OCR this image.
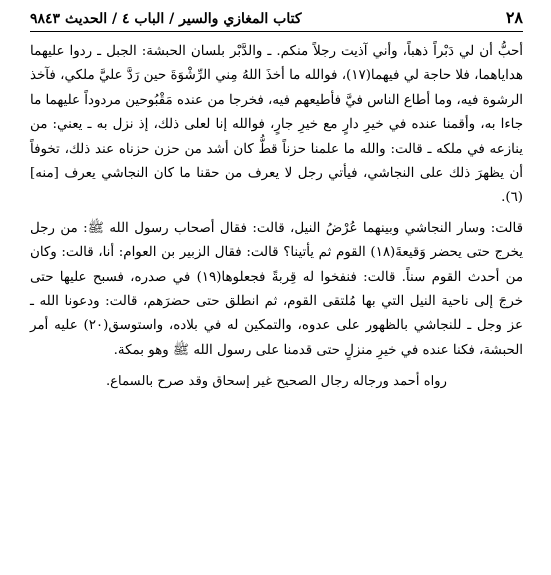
٢٨
كتاب المغازي والسير / الباب ٤ / الحديث ٩٨٤٣

أحبُّ أن لي دَبْراً ذهباً، وأني آذيت رجلاً منكم. ـ والدَّبْر بلسان الحبشة: الجبل ـ ردوا عليهما هداياهما، فلا حاجة لي فيهما(١٧)، فوالله ما أخذَ اللهُ مِني الرِّشْوَةَ حين رَدَّ عليَّ ملكي، فآخذ الرشوة فيه، وما أطاع الناس فيَّ فأطيعهم فيه، فخرجا من عنده مَقْبُوحين مردوداً عليهما ما جاءا به، وأقمنا عنده في خيرِ دارٍ مع خيرِ جارٍ، فوالله إنا لعلى ذلك، إذ نزل به ـ يعني: من ينازعه في ملكه ـ قالت: والله ما علمنا حزناً قطُّ كان أشد من حزن حزناه عند ذلك، تخوفاً أن يظهرَ ذلك على النجاشي، فيأتي رجل لا يعرف من حقنا ما كان النجاشي يعرف [منه](٦).

قالت: وسار النجاشي وبينهما عُرْضُ النيل، قالت: فقال أصحاب رسول الله ﷺ: من رجل يخرج حتى يحضر وَقيعةَ(١٨) القوم ثم يأتينا؟ قالت: فقال الزبير بن العوام: أنا، قالت: وكان من أحدث القوم سناً. قالت: فنفخوا له قِربةً فجعلوها(١٩) في صدره، فسبح عليها حتى خرجَ إلى ناحية النيل التي بها مُلتقى القوم، ثم انطلق حتى حضرَهم، قالت: ودعونا الله ـ عز وجل ـ للنجاشي بالظهور على عدوه، والتمكين له في بلاده، واستوسق(٢٠) عليه أمر الحبشة، فكنا عنده في خيرِ منزلٍ حتى قدمنا على رسول الله ﷺ وهو بمكة.

رواه أحمد ورجاله رجال الصحيح غير إسحاق وقد صرح بالسماع.
